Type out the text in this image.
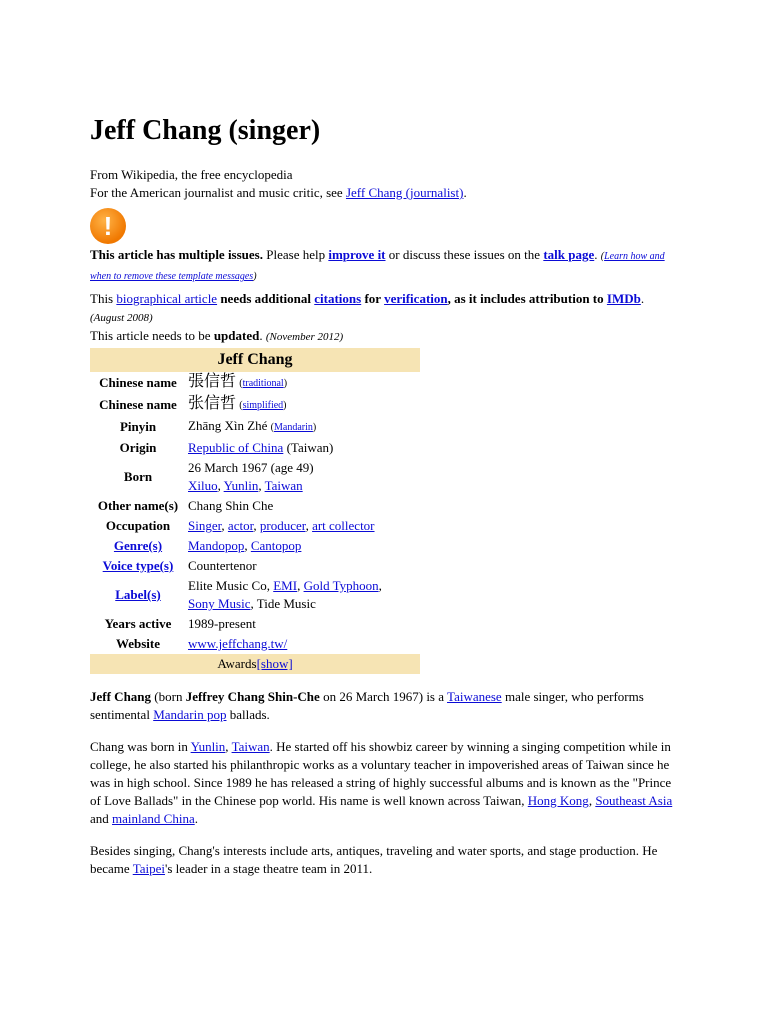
Jeff Chang (singer)
From Wikipedia, the free encyclopedia
For the American journalist and music critic, see Jeff Chang (journalist).
!
This article has multiple issues. Please help improve it or discuss these issues on the talk page. (Learn how and when to remove these template messages)
This biographical article needs additional citations for verification, as it includes attribution to IMDb. (August 2008)
This article needs to be updated. (November 2012)
Jeff Chang	
Chinese name	張信哲 (traditional)
Chinese name	张信哲 (simplified)
Pinyin	Zhāng Xìn Zhé (Mandarin)
Origin	Republic of China (Taiwan)
Born	26 March 1967 (age 49)
Xiluo, Yunlin, Taiwan
Other name(s)	Chang Shin Che
Occupation	Singer, actor, producer, art collector
Genre(s)	Mandopop, Cantopop
Voice type(s)	Countertenor
Label(s)	Elite Music Co, EMI, Gold Typhoon,
Sony Music, Tide Music
Years active	1989-present
Website	www.jeffchang.tw/
Awards[show]	

Jeff Chang (born Jeffrey Chang Shin-Che on 26 March 1967) is a Taiwanese male singer, who performs sentimental Mandarin pop ballads.

Chang was born in Yunlin, Taiwan. He started off his showbiz career by winning a singing competition while in college, he also started his philanthropic works as a voluntary teacher in impoverished areas of Taiwan since he was in high school. Since 1989 he has released a string of highly successful albums and is known as the "Prince of Love Ballads" in the Chinese pop world. His name is well known across Taiwan, Hong Kong, Southeast Asia and mainland China.

Besides singing, Chang's interests include arts, antiques, traveling and water sports, and stage production. He became Taipei's leader in a stage theatre team in 2011.
